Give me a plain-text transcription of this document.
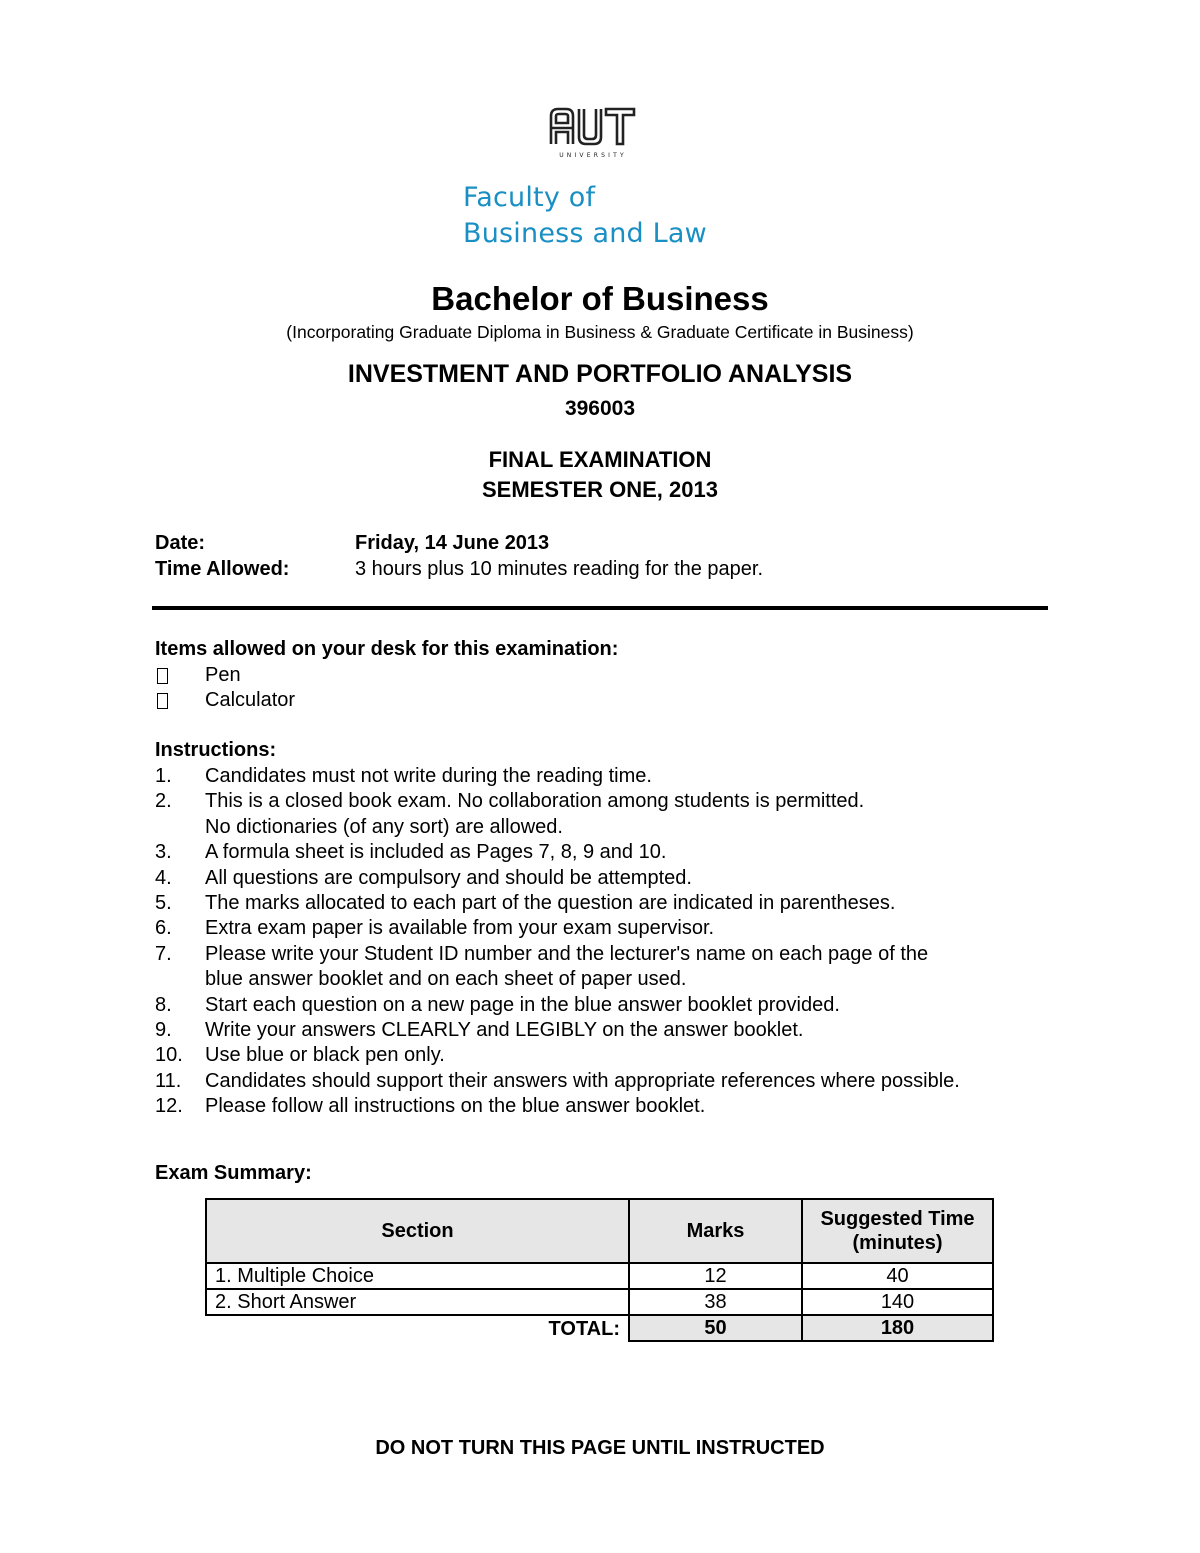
UNIVERSITY
Faculty of
Business and Law
Bachelor of Business
(Incorporating Graduate Diploma in Business & Graduate Certificate in Business)
INVESTMENT AND PORTFOLIO ANALYSIS
396003
FINAL EXAMINATION
SEMESTER ONE, 2013
Date:	Friday, 14 June 2013
Time Allowed:	3 hours plus 10 minutes reading for the paper.
Items allowed on your desk for this examination:
Pen
Calculator
Instructions:
1. Candidates must not write during the reading time.
2. This is a closed book exam. No collaboration among students is permitted.
No dictionaries (of any sort) are allowed.
3. A formula sheet is included as Pages 7, 8, 9 and 10.
4. All questions are compulsory and should be attempted.
5. The marks allocated to each part of the question are indicated in parentheses.
6. Extra exam paper is available from your exam supervisor.
7. Please write your Student ID number and the lecturer's name on each page of the
blue answer booklet and on each sheet of paper used.
8. Start each question on a new page in the blue answer booklet provided.
9. Write your answers CLEARLY and LEGIBLY on the answer booklet.
10. Use blue or black pen only.
11. Candidates should support their answers with appropriate references where possible.
12. Please follow all instructions on the blue answer booklet.
Exam Summary:
Section	Marks	Suggested Time
(minutes)

1. Multiple Choice	12	40
2. Short Answer	38	140
TOTAL:	50	180
DO NOT TURN THIS PAGE UNTIL INSTRUCTED
